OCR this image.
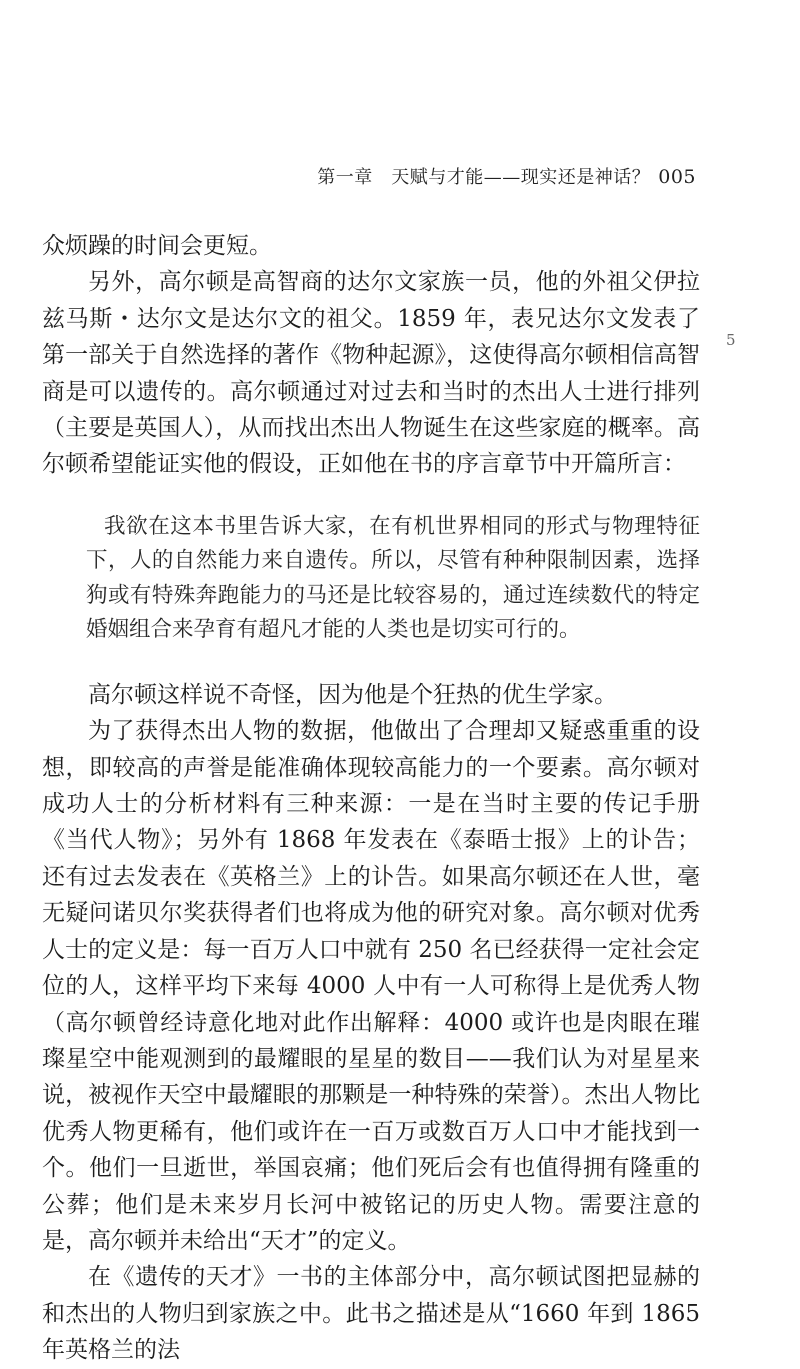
第一章　天赋与才能——现实还是神话？ 005
5

众烦躁的时间会更短。

另外，高尔顿是高智商的达尔文家族一员，他的外祖父伊拉兹马斯・达尔文是达尔文的祖父。1859 年，表兄达尔文发表了第一部关于自然选择的著作《物种起源》，这使得高尔顿相信高智商是可以遗传的。高尔顿通过对过去和当时的杰出人士进行排列（主要是英国人），从而找出杰出人物诞生在这些家庭的概率。高尔顿希望能证实他的假设，正如他在书的序言章节中开篇所言：

我欲在这本书里告诉大家，在有机世界相同的形式与物理特征下，人的自然能力来自遗传。所以，尽管有种种限制因素，选择狗或有特殊奔跑能力的马还是比较容易的，通过连续数代的特定婚姻组合来孕育有超凡才能的人类也是切实可行的。

高尔顿这样说不奇怪，因为他是个狂热的优生学家。

为了获得杰出人物的数据，他做出了合理却又疑惑重重的设想，即较高的声誉是能准确体现较高能力的一个要素。高尔顿对成功人士的分析材料有三种来源：一是在当时主要的传记手册《当代人物》；另外有 1868 年发表在《泰晤士报》上的讣告；还有过去发表在《英格兰》上的讣告。如果高尔顿还在人世，毫无疑问诺贝尔奖获得者们也将成为他的研究对象。高尔顿对优秀人士的定义是：每一百万人口中就有 250 名已经获得一定社会定位的人，这样平均下来每 4000 人中有一人可称得上是优秀人物（高尔顿曾经诗意化地对此作出解释：4000 或许也是肉眼在璀璨星空中能观测到的最耀眼的星星的数目——我们认为对星星来说，被视作天空中最耀眼的那颗是一种特殊的荣誉）。杰出人物比优秀人物更稀有，他们或许在一百万或数百万人口中才能找到一个。他们一旦逝世，举国哀痛；他们死后会有也值得拥有隆重的公葬；他们是未来岁月长河中被铭记的历史人物。需要注意的是，高尔顿并未给出“天才”的定义。

在《遗传的天才》一书的主体部分中，高尔顿试图把显赫的和杰出的人物归到家族之中。此书之描述是从“1660 年到 1865 年英格兰的法
